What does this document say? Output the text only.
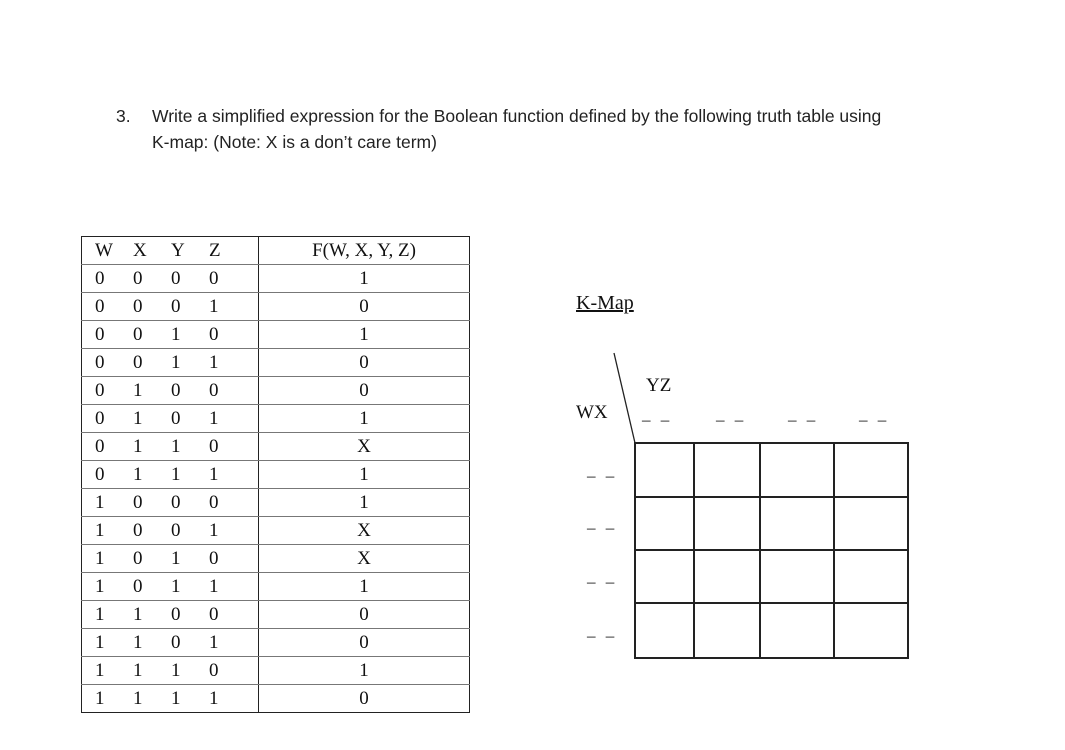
3. Write a simplified expression for the Boolean function defined by the following truth table using
K-map: (Note: X is a don’t care term)
W X Y Z	F(W, X, Y, Z)

0 0 0 0	1

0 0 0 1	0

0 0 1 0	1

0 0 1 1	0

0 1 0 0	0

0 1 0 1	1

0 1 1 0	X

0 1 1 1	1

1 0 0 0	1

1 0 0 1	X

1 0 1 0	X

1 0 1 1	1

1 1 0 0	0

1 1 0 1	0

1 1 1 0	1

1 1 1 1	0
K-Map
YZ
WX – –	– – – – – –
– –
– –
– –
– –
